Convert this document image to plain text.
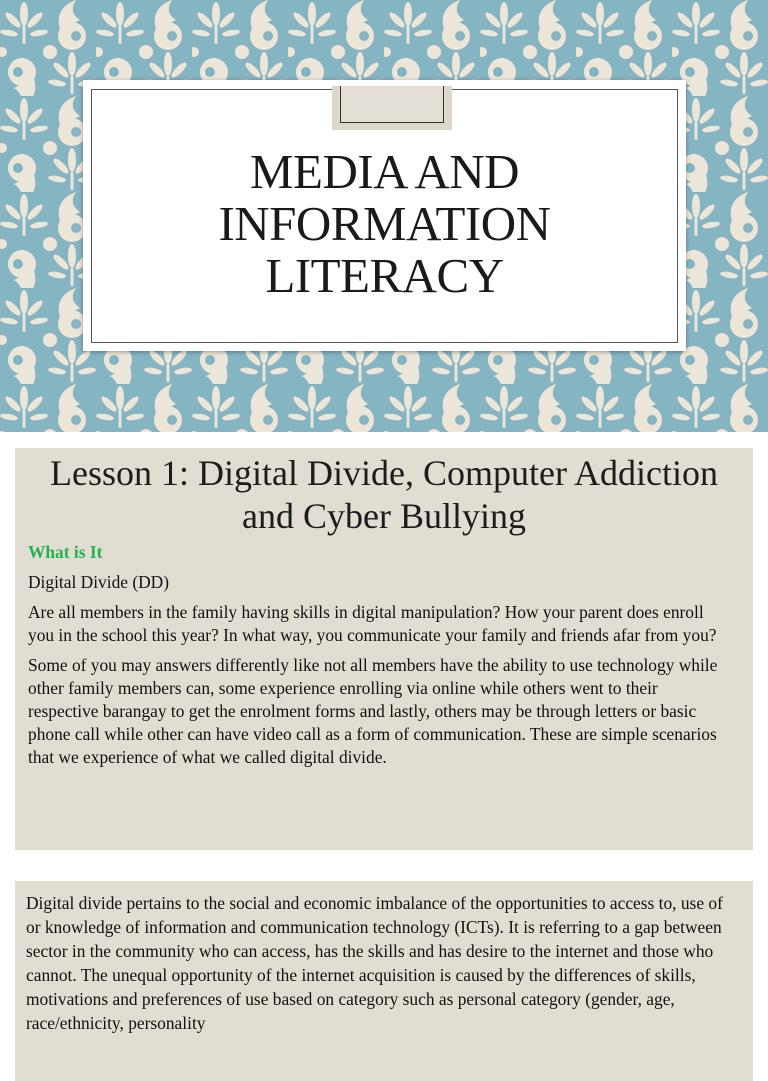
MEDIA AND
INFORMATION
LITERACY
Lesson 1: Digital Divide, Computer Addiction
and Cyber Bullying
What is It

Digital Divide (DD)

Are all members in the family having skills in digital manipulation? How your parent does enroll you in the school this year? In what way, you communicate your family and friends afar from you?

Some of you may answers differently like not all members have the ability to use technology while other family members can, some experience enrolling via online while others went to their respective barangay to get the enrolment forms and lastly, others may be through letters or basic phone call while other can have video call as a form of communication. These are simple scenarios that we experience of what we called digital divide.

Digital divide pertains to the social and economic imbalance of the opportunities to access to, use of or knowledge of information and communication technology (ICTs). It is referring to a gap between sector in the community who can access, has the skills and has desire to the internet and those who cannot. The unequal opportunity of the internet acquisition is caused by the differences of skills, motivations and preferences of use based on category such as personal category (gender, age, race/ethnicity, personality
